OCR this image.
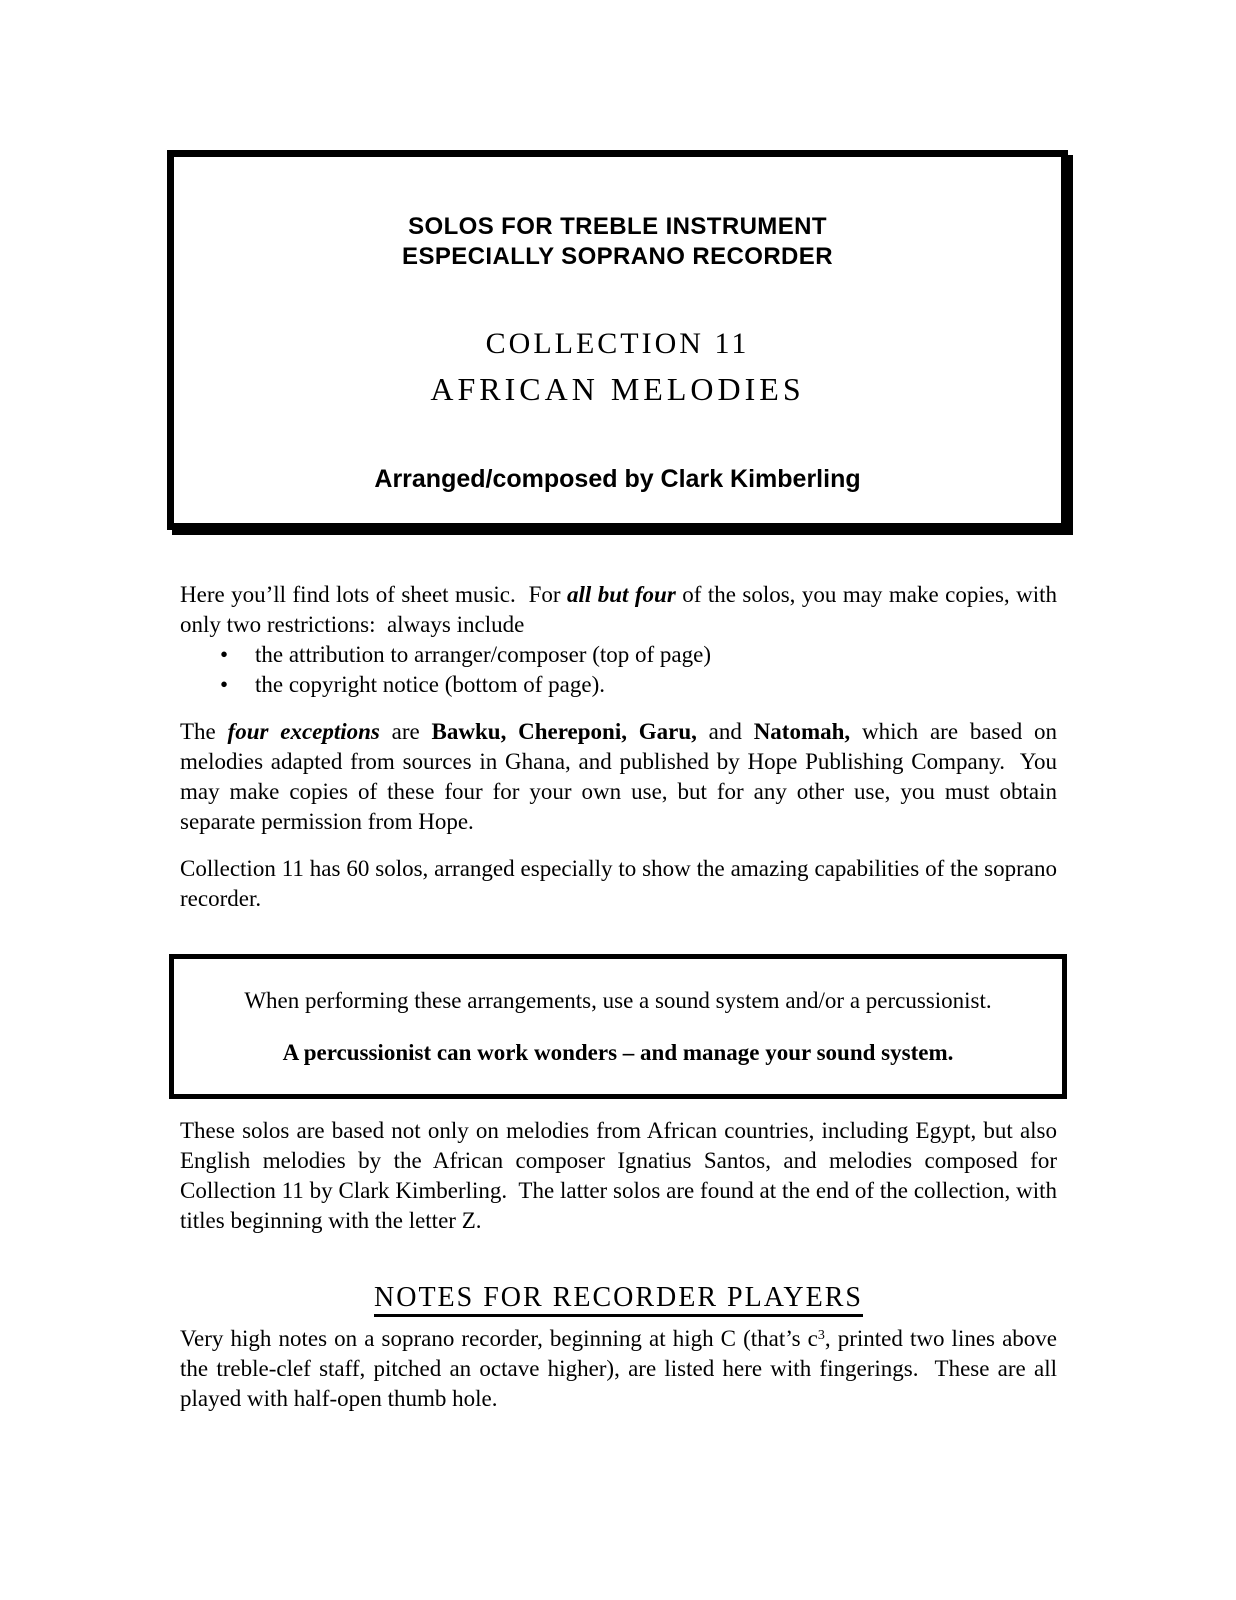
SOLOS FOR TREBLE INSTRUMENT
ESPECIALLY SOPRANO RECORDER
COLLECTION 11
AFRICAN MELODIES
Arranged/composed by Clark Kimberling

Here you’ll find lots of sheet music.  For all but four of the solos, you may make copies, with only two restrictions:  always include

•	the attribution to arranger/composer (top of page)
•	the copyright notice (bottom of page).

The four exceptions are Bawku, Chereponi, Garu, and Natomah, which are based on melodies adapted from sources in Ghana, and published by Hope Publishing Company.  You may make copies of these four for your own use, but for any other use, you must obtain separate permission from Hope.

Collection 11 has 60 solos, arranged especially to show the amazing capabilities of the soprano recorder.

When performing these arrangements, use a sound system and/or a percussionist.
A percussionist can work wonders – and manage your sound system.

These solos are based not only on melodies from African countries, including Egypt, but also English melodies by the African composer Ignatius Santos, and melodies composed for Collection 11 by Clark Kimberling.  The latter solos are found at the end of the collection, with titles beginning with the letter Z.

NOTES FOR RECORDER PLAYERS

Very high notes on a soprano recorder, beginning at high C (that’s $c^3$, printed two lines above the treble-clef staff, pitched an octave higher), are listed here with fingerings.  These are all played with half-open thumb hole.
